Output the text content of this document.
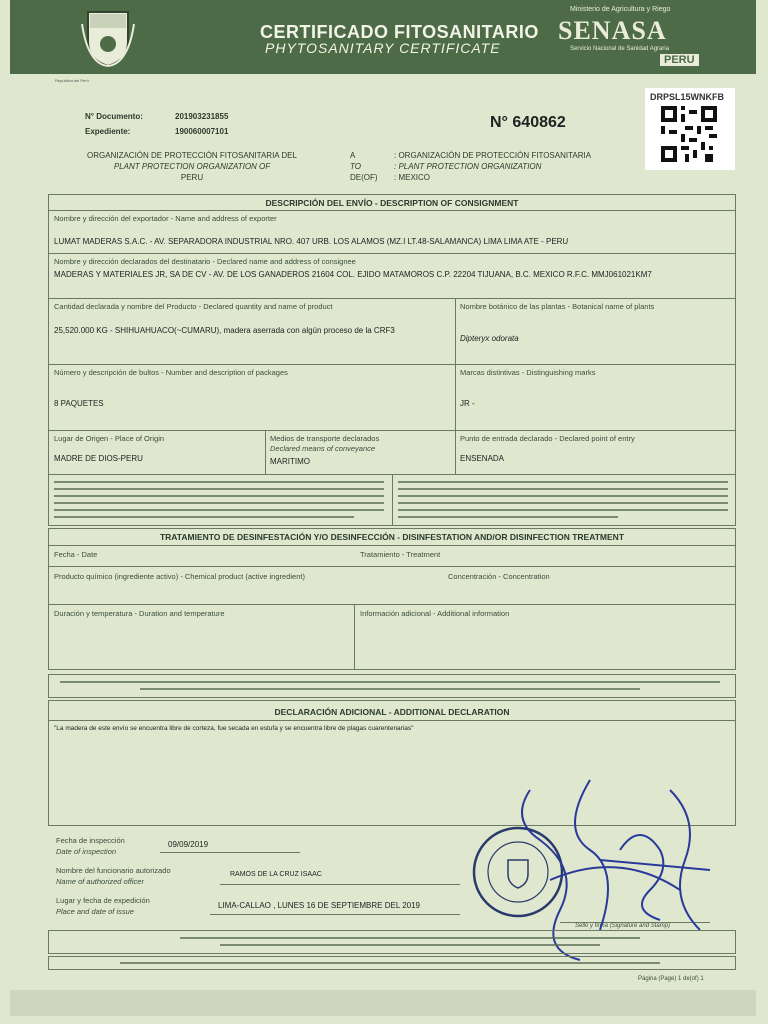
CERTIFICADO FITOSANITARIO
PHYTOSANITARY CERTIFICATE
Ministerio de Agricultura y Riego
SENASA
Servicio Nacional de Sanidad Agraria
PERU
República del Perú
N° Documento:	201903231855
Expediente:	190060007101
N° 640862
DRPSL15WNKFB
ORGANIZACIÓN DE PROTECCIÓN FITOSANITARIA DEL
PLANT PROTECTION ORGANIZATION OF
PERU
A	: ORGANIZACIÓN DE PROTECCIÓN FITOSANITARIA
TO	: PLANT PROTECTION ORGANIZATION
DE(OF) : MEXICO
DESCRIPCIÓN DEL ENVÍO - DESCRIPTION OF CONSIGNMENT
Nombre y dirección del exportador - Name and address of exporter
LUMAT MADERAS S.A.C. - AV. SEPARADORA INDUSTRIAL NRO. 407 URB. LOS ALAMOS (MZ.I LT.48-SALAMANCA) LIMA LIMA ATE - PERU
Nombre y dirección declarados del destinatario - Declared name and address of consignee
MADERAS Y MATERIALES JR, SA DE CV - AV. DE LOS GANADEROS 21604 COL. EJIDO MATAMOROS C.P. 22204 TIJUANA, B.C. MEXICO R.F.C. MMJ061021KM7
Cantidad declarada y nombre del Producto - Declared quantity and name of product
25,520.000 KG - SHIHUAHUACO(~CUMARU), madera aserrada con algún proceso de la CRF3
Nombre botánico de las plantas - Botanical name of plants
Dipteryx odorata
Número y descripción de bultos - Number and description of packages
8 PAQUETES
Marcas distintivas - Distinguishing marks
JR -
Lugar de Origen - Place of Origin
MADRE DE DIOS-PERU
Medios de transporte declarados
Declared means of conveyance
MARITIMO
Punto de entrada declarado - Declared point of entry
ENSENADA
TRATAMIENTO DE DESINFESTACIÓN Y/O DESINFECCIÓN - DISINFESTATION AND/OR DISINFECTION TREATMENT
Fecha - Date	Tratamiento - Treatment
Producto químico (ingrediente activo) - Chemical product (active ingredient)	Concentración - Concentration
Duración y temperatura - Duration and temperature	Información adicional - Additional information
DECLARACIÓN ADICIONAL - ADDITIONAL DECLARATION
"La madera de este envío se encuentra libre de corteza, fue secada en estufa y se encuentra libre de plagas cuarentenarias"
Fecha de inspección
Date of inspection
09/09/2019
Nombre del funcionario autorizado
Name of authorized officer
RAMOS DE LA CRUZ ISAAC
Lugar y fecha de expedición
Place and date of issue
LIMA-CALLAO , LUNES 16 DE SEPTIEMBRE DEL 2019
Sello y firma (Signature and Stamp)
Página (Page) 1 de(of) 1
